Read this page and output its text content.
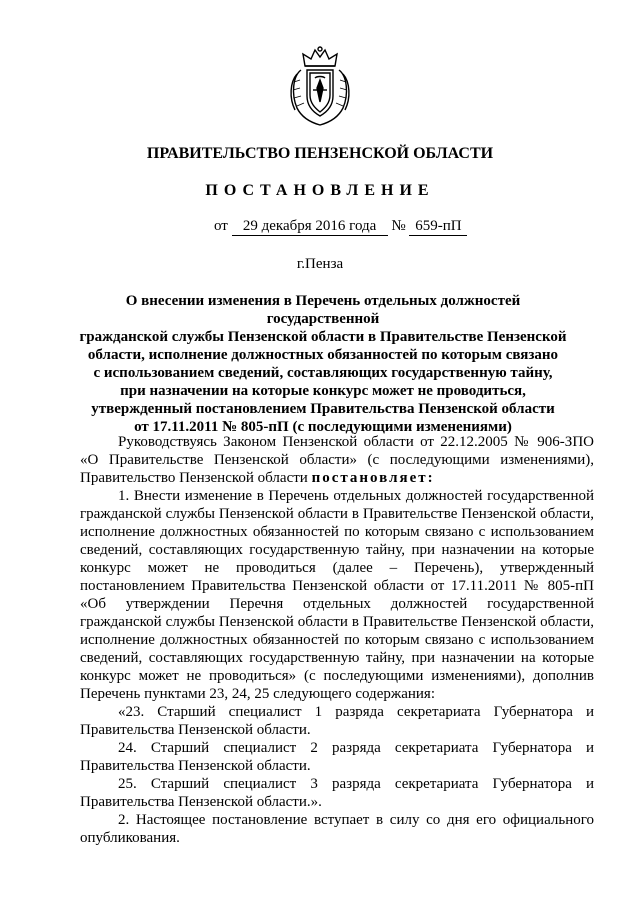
ПРАВИТЕЛЬСТВО ПЕНЗЕНСКОЙ ОБЛАСТИ
ПОСТАНОВЛЕНИЕ
от 29 декабря 2016 года № 659-пП
г.Пенза
О внесении изменения в Перечень отдельных должностей государственной
гражданской службы Пензенской области в Правительстве Пензенской
области, исполнение должностных обязанностей по которым связано
с использованием сведений, составляющих государственную тайну,
при назначении на которые конкурс может не проводиться,
утвержденный постановлением Правительства Пензенской области
от 17.11.2011 № 805-пП (с последующими изменениями)

Руководствуясь Законом Пензенской области от 22.12.2005 № 906-ЗПО «О Правительстве Пензенской области» (с последующими изменениями), Правительство Пензенской области постановляет:

1. Внести изменение в Перечень отдельных должностей государственной гражданской службы Пензенской области в Правительстве Пензенской области, исполнение должностных обязанностей по которым связано с использованием сведений, составляющих государственную тайну, при назначении на которые конкурс может не проводиться (далее – Перечень), утвержденный постановлением Правительства Пензенской области от 17.11.2011 № 805-пП «Об утверждении Перечня отдельных должностей государственной гражданской службы Пензенской области в Правительстве Пензенской области, исполнение должностных обязанностей по которым связано с использованием сведений, составляющих государственную тайну, при назначении на которые конкурс может не проводиться» (с последующими изменениями), дополнив Перечень пунктами 23, 24, 25 следующего содержания:

«23. Старший специалист 1 разряда секретариата Губернатора и Правительства Пензенской области.

24. Старший специалист 2 разряда секретариата Губернатора и Правительства Пензенской области.

25. Старший специалист 3 разряда секретариата Губернатора и Правительства Пензенской области.».

2. Настоящее постановление вступает в силу со дня его официального опубликования.
